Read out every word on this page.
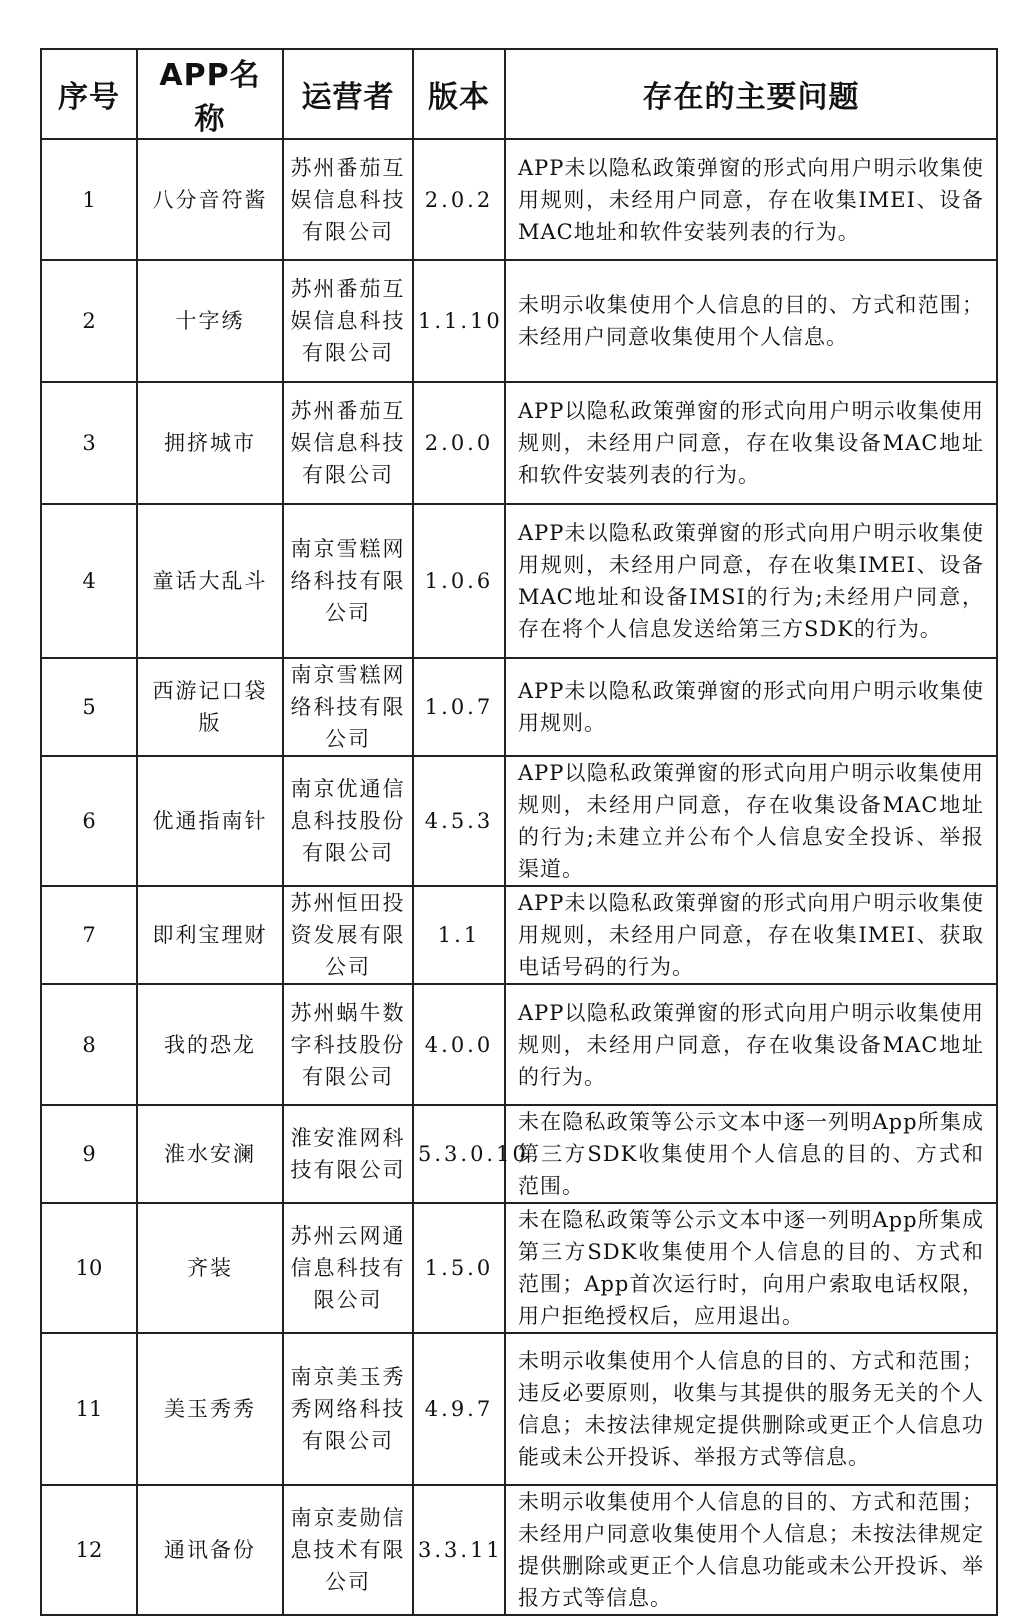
序号	APP名称	运营者	版本	存在的主要问题
1	八分音符酱	苏州番茄互娱信息科技有限公司	2.0.2	APP未以隐私政策弹窗的形式向用户明示收集使用规则，未经用户同意，存在收集IMEI、设备MAC地址和软件安装列表的行为。
2	十字绣	苏州番茄互娱信息科技有限公司	1.1.10	未明示收集使用个人信息的目的、方式和范围；未经用户同意收集使用个人信息。
3	拥挤城市	苏州番茄互娱信息科技有限公司	2.0.0	APP以隐私政策弹窗的形式向用户明示收集使用规则，未经用户同意，存在收集设备MAC地址和软件安装列表的行为。
4	童话大乱斗	南京雪糕网络科技有限公司	1.0.6	APP未以隐私政策弹窗的形式向用户明示收集使用规则，未经用户同意，存在收集IMEI、设备MAC地址和设备IMSI的行为;未经用户同意，存在将个人信息发送给第三方SDK的行为。
5	西游记口袋版	南京雪糕网络科技有限公司	1.0.7	APP未以隐私政策弹窗的形式向用户明示收集使用规则。
6	优通指南针	南京优通信息科技股份有限公司	4.5.3	APP以隐私政策弹窗的形式向用户明示收集使用规则，未经用户同意，存在收集设备MAC地址的行为;未建立并公布个人信息安全投诉、举报渠道。
7	即利宝理财	苏州恒田投资发展有限公司	1.1	APP未以隐私政策弹窗的形式向用户明示收集使用规则，未经用户同意，存在收集IMEI、获取电话号码的行为。
8	我的恐龙	苏州蜗牛数字科技股份有限公司	4.0.0	APP以隐私政策弹窗的形式向用户明示收集使用规则，未经用户同意，存在收集设备MAC地址的行为。
9	淮水安澜	淮安淮网科技有限公司	5.3.0.10	未在隐私政策等公示文本中逐一列明App所集成第三方SDK收集使用个人信息的目的、方式和范围。
10	齐装	苏州云网通信息科技有限公司	1.5.0	未在隐私政策等公示文本中逐一列明App所集成第三方SDK收集使用个人信息的目的、方式和范围；App首次运行时，向用户索取电话权限，用户拒绝授权后，应用退出。
11	美玉秀秀	南京美玉秀秀网络科技有限公司	4.9.7	未明示收集使用个人信息的目的、方式和范围；违反必要原则，收集与其提供的服务无关的个人信息；未按法律规定提供删除或更正个人信息功能或未公开投诉、举报方式等信息。
12	通讯备份	南京麦勋信息技术有限公司	3.3.11	未明示收集使用个人信息的目的、方式和范围；未经用户同意收集使用个人信息；未按法律规定提供删除或更正个人信息功能或未公开投诉、举报方式等信息。
